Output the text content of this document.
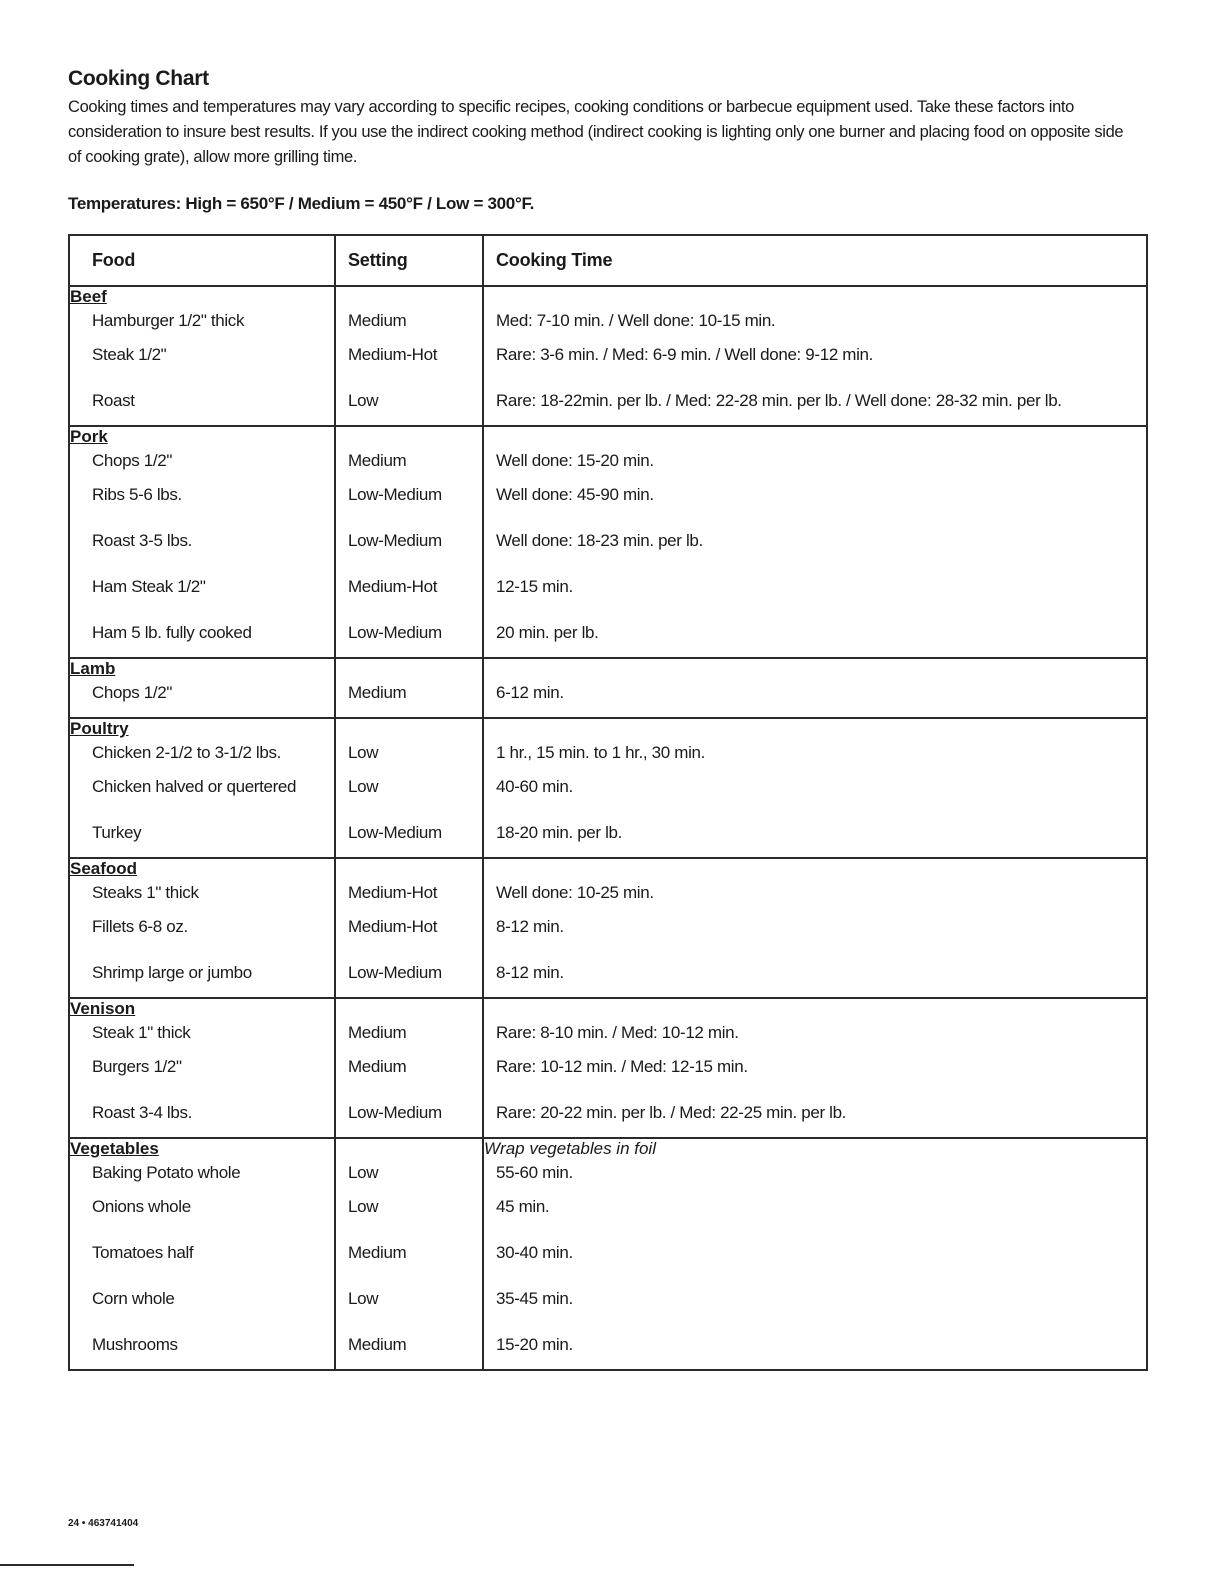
Cooking Chart

Cooking times and temperatures may vary according to specific recipes, cooking conditions or barbecue equipment used. Take these factors into consideration to insure best results. If you use the indirect cooking method (indirect cooking is lighting only one burner and placing food on opposite side of cooking grate), allow more grilling time.

Temperatures: High = 650°F / Medium = 450°F / Low = 300°F.
Food	Setting	Cooking Time
Beef		
Hamburger 1/2" thick	Medium	Med: 7-10 min. / Well done: 10-15 min.
Steak 1/2"	Medium-Hot	Rare: 3-6 min. / Med: 6-9 min. / Well done: 9-12 min.
Roast	Low	Rare: 18-22min. per lb. / Med: 22-28 min. per lb. / Well done: 28-32 min. per lb.
Pork		
Chops 1/2"	Medium	Well done: 15-20 min.
Ribs 5-6 lbs.	Low-Medium	Well done: 45-90 min.
Roast 3-5 lbs.	Low-Medium	Well done: 18-23 min. per lb.
Ham Steak 1/2"	Medium-Hot	12-15 min.
Ham 5 lb. fully cooked	Low-Medium	20 min. per lb.
Lamb		
Chops 1/2"	Medium	6-12 min.
Poultry		
Chicken 2-1/2 to 3-1/2 lbs.	Low	1 hr., 15 min. to 1 hr., 30 min.
Chicken halved or quertered	Low	40-60 min.
Turkey	Low-Medium	18-20 min. per lb.
Seafood		
Steaks 1" thick	Medium-Hot	Well done: 10-25 min.
Fillets 6-8 oz.	Medium-Hot	8-12 min.
Shrimp large or jumbo	Low-Medium	8-12 min.
Venison		
Steak 1" thick	Medium	Rare: 8-10 min. / Med: 10-12 min.
Burgers 1/2"	Medium	Rare: 10-12 min. / Med: 12-15 min.
Roast 3-4 lbs.	Low-Medium	Rare: 20-22 min. per lb. / Med: 22-25 min. per lb.
Vegetables		Wrap vegetables in foil
Baking Potato whole	Low	55-60 min.
Onions whole	Low	45 min.
Tomatoes half	Medium	30-40 min.
Corn whole	Low	35-45 min.
Mushrooms	Medium	15-20 min.
24 • 463741404
